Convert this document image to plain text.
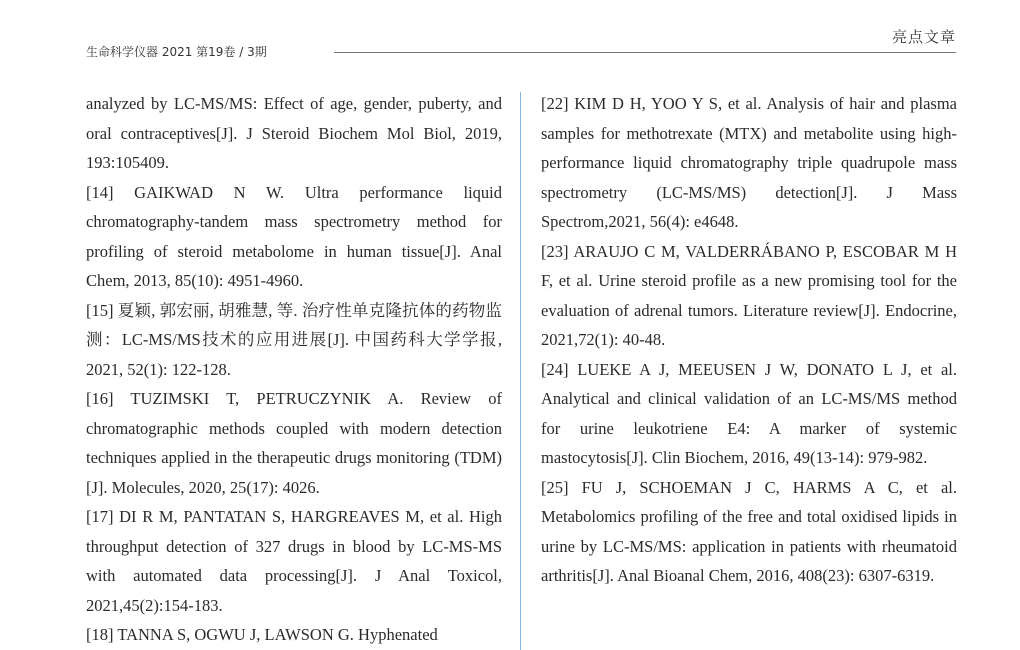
生命科学仪器 2021 第19卷 / 3期
亮点文章

analyzed by LC-MS/MS: Effect of age, gender, puberty, and oral contraceptives[J]. J Steroid Biochem Mol Biol, 2019, 193:105409.

[14] GAIKWAD N W. Ultra performance liquid chromatography-tandem mass spectrometry method for profiling of steroid metabolome in human tissue[J]. Anal Chem, 2013, 85(10): 4951-4960.

[15] 夏颖, 郭宏丽, 胡雅慧, 等. 治疗性单克隆抗体的药物监测：LC-MS/MS技术的应用进展[J]. 中国药科大学学报, 2021, 52(1): 122-128.

[16] TUZIMSKI T, PETRUCZYNIK A. Review of chromatographic methods coupled with modern detection techniques applied in the therapeutic drugs monitoring (TDM) [J]. Molecules, 2020, 25(17): 4026.

[17] DI R M, PANTATAN S, HARGREAVES M, et al. High throughput detection of 327 drugs in blood by LC-MS-MS with automated data processing[J]. J Anal Toxicol, 2021,45(2):154-183.

[18] TANNA S, OGWU J, LAWSON G. Hyphenated

[22] KIM D H, YOO Y S, et al. Analysis of hair and plasma samples for methotrexate (MTX) and metabolite using high-performance liquid chromatography triple quadrupole mass spectrometry (LC-MS/MS) detection[J]. J Mass Spectrom,2021, 56(4): e4648.

[23] ARAUJO C M, VALDERRÁBANO P, ESCOBAR M H F, et al. Urine steroid profile as a new promising tool for the evaluation of adrenal tumors. Literature review[J]. Endocrine, 2021,72(1): 40-48.

[24] LUEKE A J, MEEUSEN J W, DONATO L J, et al. Analytical and clinical validation of an LC-MS/MS method for urine leukotriene E4: A marker of systemic mastocytosis[J]. Clin Biochem, 2016, 49(13-14): 979-982.

[25] FU J, SCHOEMAN J C, HARMS A C, et al. Metabolomics profiling of the free and total oxidised lipids in urine by LC-MS/MS: application in patients with rheumatoid arthritis[J]. Anal Bioanal Chem, 2016, 408(23): 6307-6319.
